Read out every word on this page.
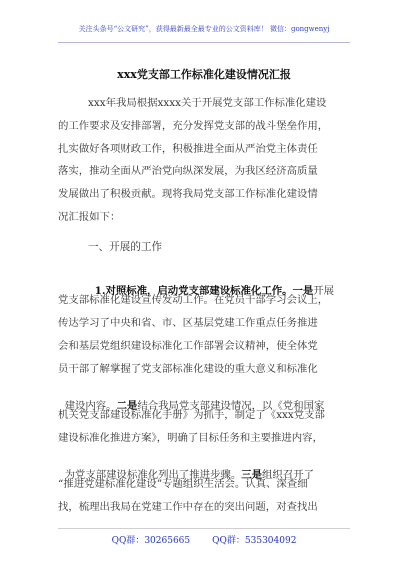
关注头条号“公文研究”，获得最新最全最专业的公文资料库！ 微信：gongwenyj
xxx党支部工作标准化建设情况汇报
xxx年我局根据xxxx关于开展党支部工作标准化建设
的工作要求及安排部署，充分发挥党支部的战斗堡垒作用，
扎实做好各项财政工作，积极推进全面从严治党主体责任
落实，推动全面从严治党向纵深发展，为我区经济高质量
发展做出了积极贡献。现将我局党支部工作标准化建设情
况汇报如下：
一、开展的工作

1.对照标准，启动党支部建设标准化工作。一是开展

党支部标准化建设宣传发动工作。在党员干部学习会议上，
传达学习了中央和省、市、区基层党建工作重点任务推进
会和基层党组织建设标准化工作部署会议精神，使全体党
员干部了解掌握了党支部标准化建设的重大意义和标准化

建设内容。二是结合我局党支部建设情况，以《党和国家

机关党支部建设标准化手册》为抓手，制定了《xxx党支部
建设标准化推进方案》，明确了目标任务和主要推进内容，

为党支部建设标准化列出了推进步骤。三是组织召开了

“推进党建标准化建设”专题组织生活会。认真、深查细
找，梳理出我局在党建工作中存在的突出问题，对查找出
QQ群：30265665 QQ群：535304092
